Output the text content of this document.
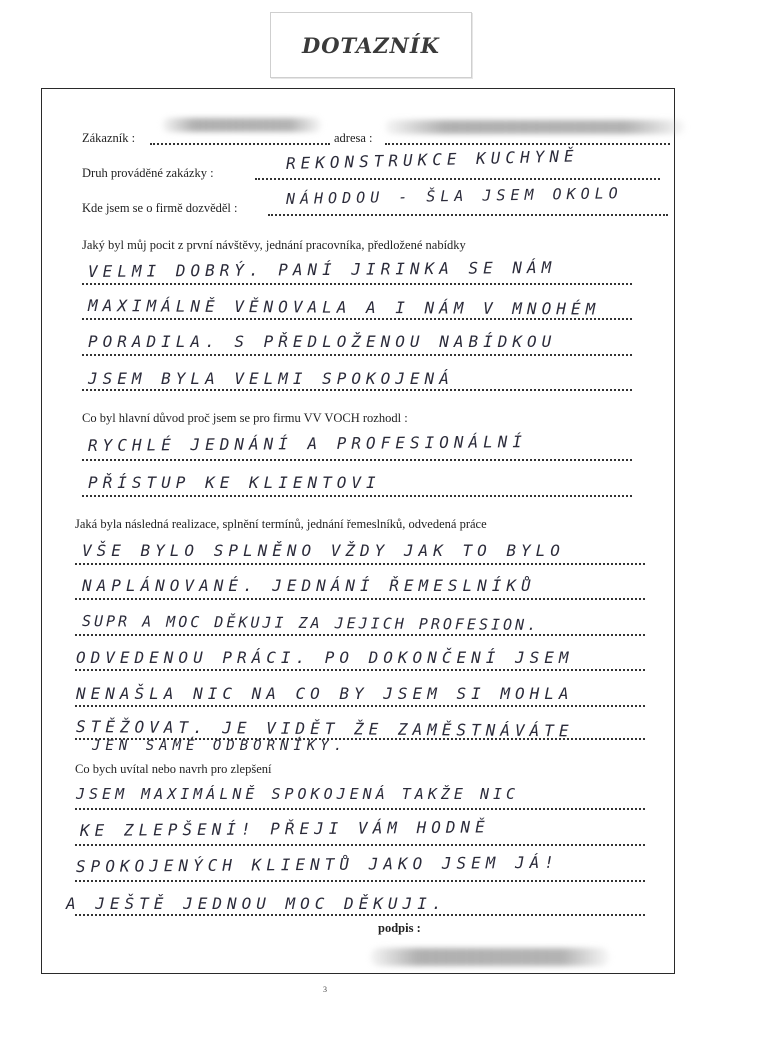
DOTAZNÍK
Zákazník :	adresa :
Druh prováděné zakázky :
REKONSTRUKCE KUCHYNĚ
Kde jsem se o firmě dozvěděl :
NÁHODOU - ŠLA JSEM OKOLO
Jaký byl můj pocit z první návštěvy, jednání pracovníka, předložené nabídky
VELMI DOBRÝ. PANÍ JIRINKA SE NÁM
MAXIMÁLNĚ VĚNOVALA A I NÁM V MNOHÉM
PORADILA. S PŘEDLOŽENOU NABÍDKOU
JSEM BYLA VELMI SPOKOJENÁ
Co byl hlavní důvod proč jsem se pro firmu VV VOCH rozhodl :
RYCHLÉ JEDNÁNÍ A PROFESIONÁLNÍ
PŘÍSTUP KE KLIENTOVI
Jaká byla následná realizace, splnění termínů, jednání řemeslníků, odvedená práce
VŠE BYLO SPLNĚNO VŽDY JAK TO BYLO
NAPLÁNOVANÉ. JEDNÁNÍ ŘEMESLNÍKŮ
SUPR A MOC DĚKUJI ZA JEJICH PROFESION.
ODVEDENOU PRÁCI. PO DOKONČENÍ JSEM
NENAŠLA NIC NA CO BY JSEM SI MOHLA
STĚŽOVAT. JE VIDĚT ŽE ZAMĚSTNÁVÁTE
JEN SAMÉ ODBORNÍKY.
Co bych uvítal nebo navrh pro zlepšení
JSEM MAXIMÁLNĚ SPOKOJENÁ TAKŽE NIC
KE ZLEPŠENÍ! PŘEJI VÁM HODNĚ
SPOKOJENÝCH KLIENTŮ JAKO JSEM JÁ!
A JEŠTĚ JEDNOU MOC DĚKUJI.
podpis :
3
